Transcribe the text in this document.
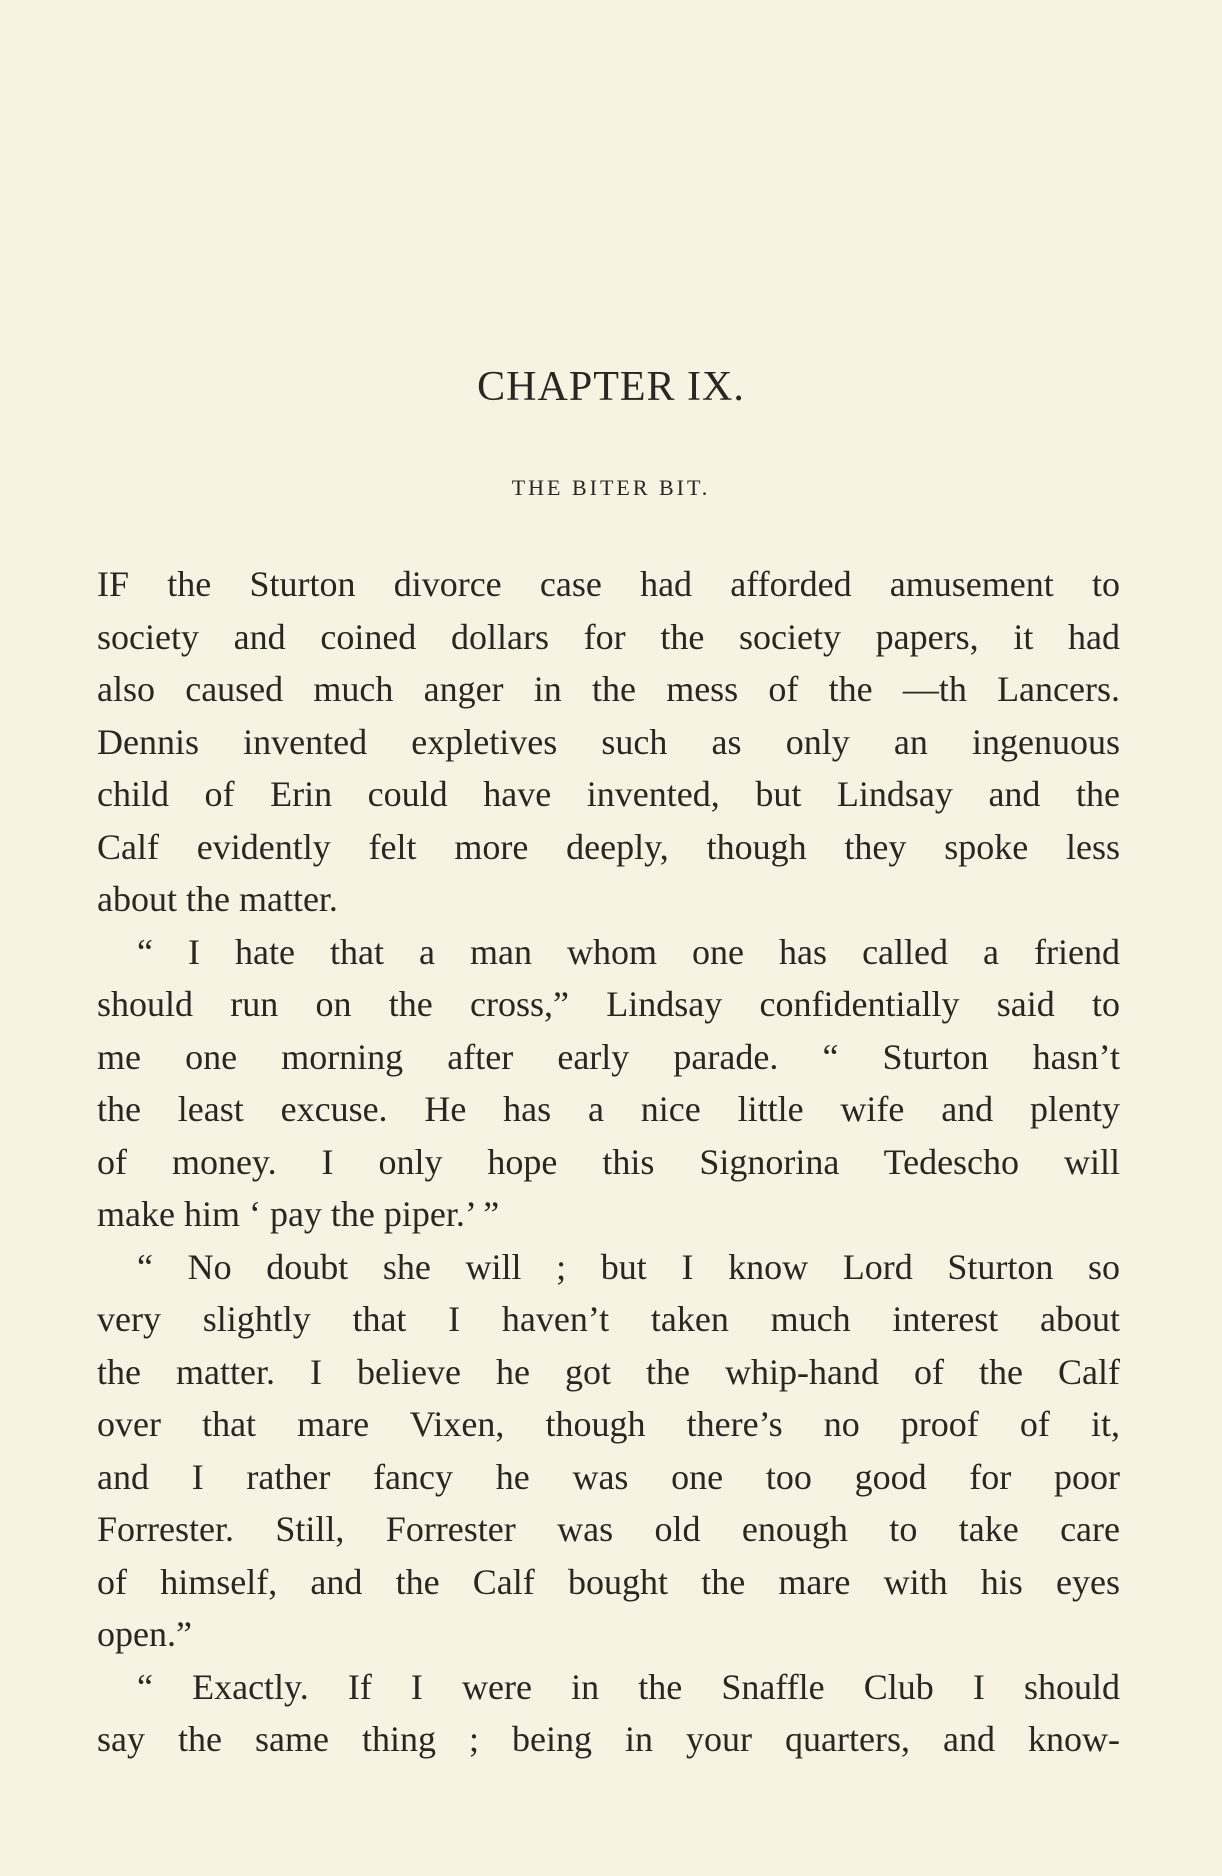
CHAPTER IX.
THE BITER BIT.
IF the Sturton divorce case had afforded amusement to
society and coined dollars for the society papers, it had
also caused much anger in the mess of the —th Lancers.
Dennis invented expletives such as only an ingenuous
child of Erin could have invented, but Lindsay and the
Calf evidently felt more deeply, though they spoke less
about the matter.
“ I hate that a man whom one has called a friend
should run on the cross,” Lindsay confidentially said to
me one morning after early parade. “ Sturton hasn’t
the least excuse. He has a nice little wife and plenty
of money. I only hope this Signorina Tedescho will
make him ‘ pay the piper.’ ”
“ No doubt she will ; but I know Lord Sturton so
very slightly that I haven’t taken much interest about
the matter. I believe he got the whip-hand of the Calf
over that mare Vixen, though there’s no proof of it,
and I rather fancy he was one too good for poor
Forrester. Still, Forrester was old enough to take care
of himself, and the Calf bought the mare with his eyes
open.”
“ Exactly. If I were in the Snaffle Club I should
say the same thing ; being in your quarters, and know-
